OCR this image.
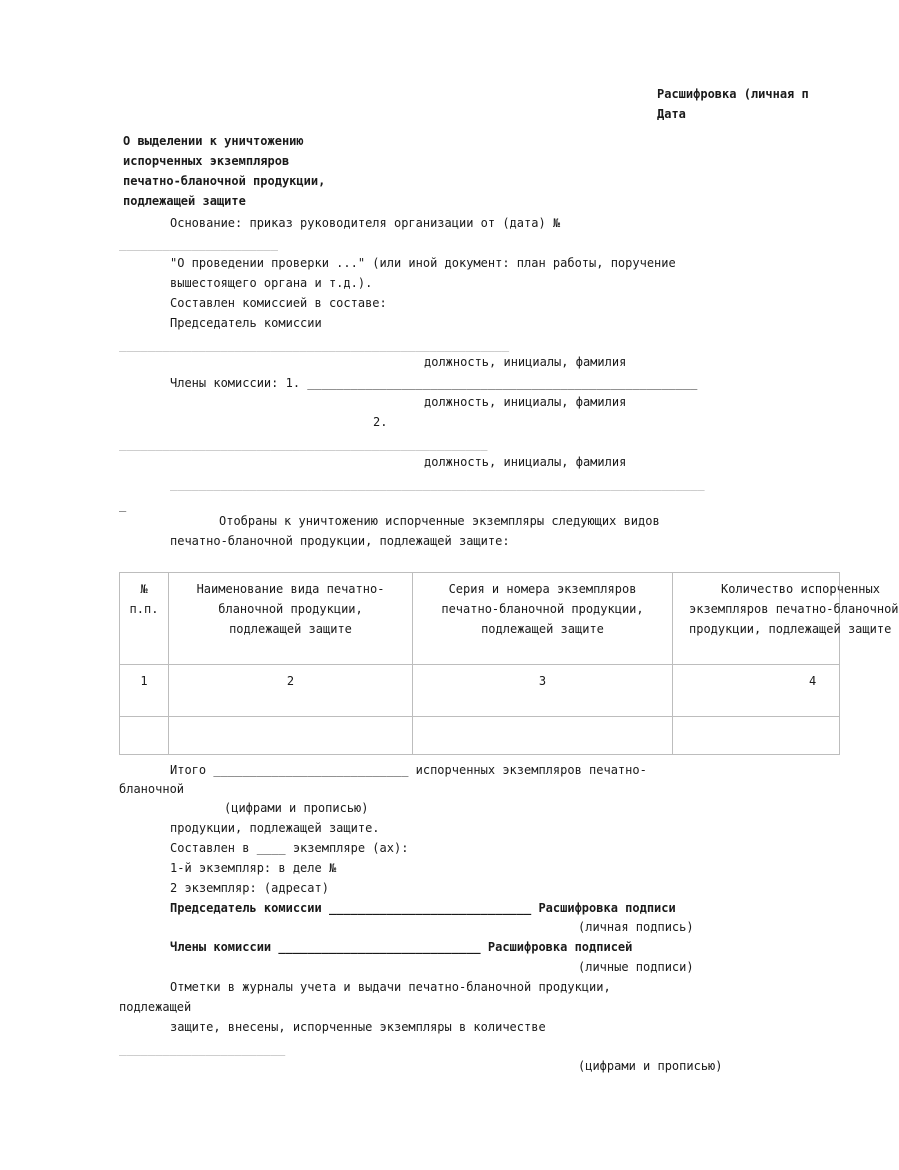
Расшифровка (личная п
Дата
О выделении к уничтожению
испорченных экземпляров
печатно-бланочной продукции,
подлежащей защите
Основание: приказ руководителя организации от (дата) №
______________________
"О проведении проверки ..." (или иной документ: план работы, поручение
вышестоящего органа и т.д.).
Составлен комиссией в составе:
Председатель комиссии
______________________________________________________
должность, инициалы, фамилия
Члены комиссии: 1. ______________________________________________________
должность, инициалы, фамилия
2.
___________________________________________________
должность, инициалы, фамилия
__________________________________________________________________________
_
Отобраны к уничтожению испорченные экземпляры следующих видов
печатно-бланочной продукции, подлежащей защите:
№
п.п.	Наименование вида печатно-
бланочной продукции,
подлежащей защите	Серия и номера экземпляров
печатно-бланочной продукции,
подлежащей защите	Количество испорченных
экземпляров печатно-бланочной
продукции, подлежащей защите

1	2	3	4

Итого ___________________________ испорченных экземпляров печатно-
бланочной
(цифрами и прописью)
продукции, подлежащей защите.
Составлен в ____ экземпляре (ах):
1-й экземпляр: в деле №
2 экземпляр: (адресат)
Председатель комиссии ____________________________ Расшифровка подписи
(личная подпись)
Члены комиссии ____________________________ Расшифровка подписей
(личные подписи)
Отметки в журналы учета и выдачи печатно-бланочной продукции,
подлежащей
защите, внесены, испорченные экземпляры в количестве
_______________________
(цифрами и прописью)
